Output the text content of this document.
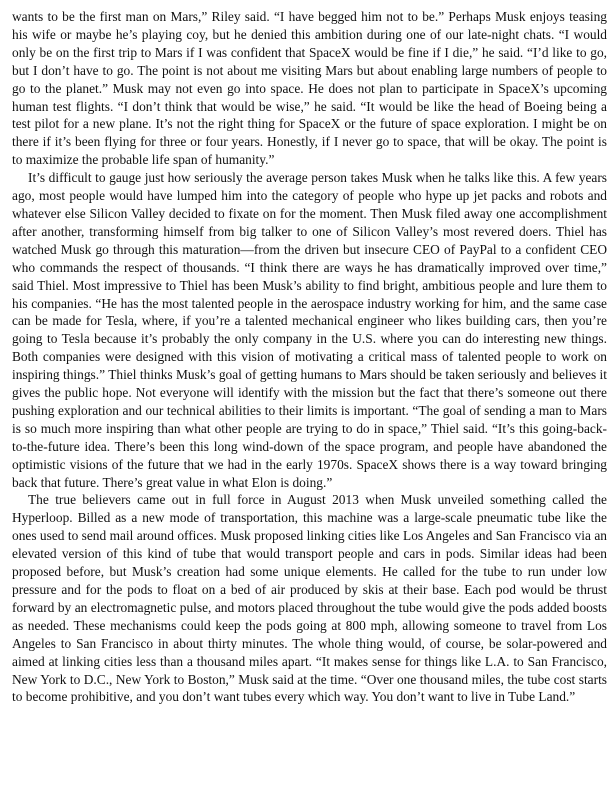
wants to be the first man on Mars,” Riley said. “I have begged him not to be.” Perhaps Musk enjoys teasing his wife or maybe he’s playing coy, but he denied this ambition during one of our late-night chats. “I would only be on the first trip to Mars if I was confident that SpaceX would be fine if I die,” he said. “I’d like to go, but I don’t have to go. The point is not about me visiting Mars but about enabling large numbers of people to go to the planet.” Musk may not even go into space. He does not plan to participate in SpaceX’s upcoming human test flights. “I don’t think that would be wise,” he said. “It would be like the head of Boeing being a test pilot for a new plane. It’s not the right thing for SpaceX or the future of space exploration. I might be on there if it’s been flying for three or four years. Honestly, if I never go to space, that will be okay. The point is to maximize the probable life span of humanity.”

It’s difficult to gauge just how seriously the average person takes Musk when he talks like this. A few years ago, most people would have lumped him into the category of people who hype up jet packs and robots and whatever else Silicon Valley decided to fixate on for the moment. Then Musk filed away one accomplishment after another, transforming himself from big talker to one of Silicon Valley’s most revered doers. Thiel has watched Musk go through this maturation—from the driven but insecure CEO of PayPal to a confident CEO who commands the respect of thousands. “I think there are ways he has dramatically improved over time,” said Thiel. Most impressive to Thiel has been Musk’s ability to find bright, ambitious people and lure them to his companies. “He has the most talented people in the aerospace industry working for him, and the same case can be made for Tesla, where, if you’re a talented mechanical engineer who likes building cars, then you’re going to Tesla because it’s probably the only company in the U.S. where you can do interesting new things. Both companies were designed with this vision of motivating a critical mass of talented people to work on inspiring things.” Thiel thinks Musk’s goal of getting humans to Mars should be taken seriously and believes it gives the public hope. Not everyone will identify with the mission but the fact that there’s someone out there pushing exploration and our technical abilities to their limits is important. “The goal of sending a man to Mars is so much more inspiring than what other people are trying to do in space,” Thiel said. “It’s this going-back-to-the-future idea. There’s been this long wind-down of the space program, and people have abandoned the optimistic visions of the future that we had in the early 1970s. SpaceX shows there is a way toward bringing back that future. There’s great value in what Elon is doing.”

The true believers came out in full force in August 2013 when Musk unveiled something called the Hyperloop. Billed as a new mode of transportation, this machine was a large-scale pneumatic tube like the ones used to send mail around offices. Musk proposed linking cities like Los Angeles and San Francisco via an elevated version of this kind of tube that would transport people and cars in pods. Similar ideas had been proposed before, but Musk’s creation had some unique elements. He called for the tube to run under low pressure and for the pods to float on a bed of air produced by skis at their base. Each pod would be thrust forward by an electromagnetic pulse, and motors placed throughout the tube would give the pods added boosts as needed. These mechanisms could keep the pods going at 800 mph, allowing someone to travel from Los Angeles to San Francisco in about thirty minutes. The whole thing would, of course, be solar-powered and aimed at linking cities less than a thousand miles apart. “It makes sense for things like L.A. to San Francisco, New York to D.C., New York to Boston,” Musk said at the time. “Over one thousand miles, the tube cost starts to become prohibitive, and you don’t want tubes every which way. You don’t want to live in Tube Land.”
